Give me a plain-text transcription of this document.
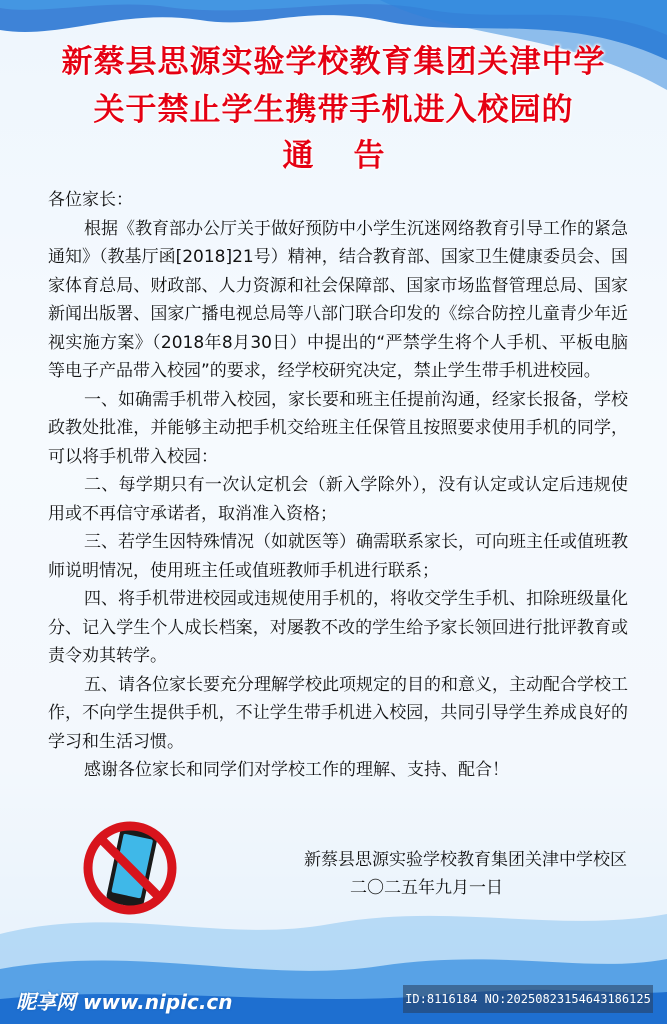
新蔡县思源实验学校教育集团关津中学
关于禁止学生携带手机进入校园的
通告

各位家长：

根据《教育部办公厅关于做好预防中小学生沉迷网络教育引导工作的紧急通知》（教基厅函[2018]21号）精神，结合教育部、国家卫生健康委员会、国家体育总局、财政部、人力资源和社会保障部、国家市场监督管理总局、国家新闻出版署、国家广播电视总局等八部门联合印发的《综合防控儿童青少年近视实施方案》（2018年8月30日）中提出的“严禁学生将个人手机、平板电脑等电子产品带入校园”的要求，经学校研究决定，禁止学生带手机进校园。

一、如确需手机带入校园，家长要和班主任提前沟通，经家长报备，学校政教处批准，并能够主动把手机交给班主任保管且按照要求使用手机的同学，可以将手机带入校园：

二、每学期只有一次认定机会（新入学除外），没有认定或认定后违规使用或不再信守承诺者，取消准入资格；

三、若学生因特殊情况（如就医等）确需联系家长，可向班主任或值班教师说明情况，使用班主任或值班教师手机进行联系；

四、将手机带进校园或违规使用手机的，将收交学生手机、扣除班级量化分、记入学生个人成长档案，对屡教不改的学生给予家长领回进行批评教育或责令劝其转学。

五、请各位家长要充分理解学校此项规定的目的和意义，主动配合学校工作，不向学生提供手机，不让学生带手机进入校园，共同引导学生养成良好的学习和生活习惯。

感谢各位家长和同学们对学校工作的理解、支持、配合！

新蔡县思源实验学校教育集团关津中学校区
二〇二五年九月一日
昵享网 www.nipic.cn	ID:8116184 NO:20250823154643186125
